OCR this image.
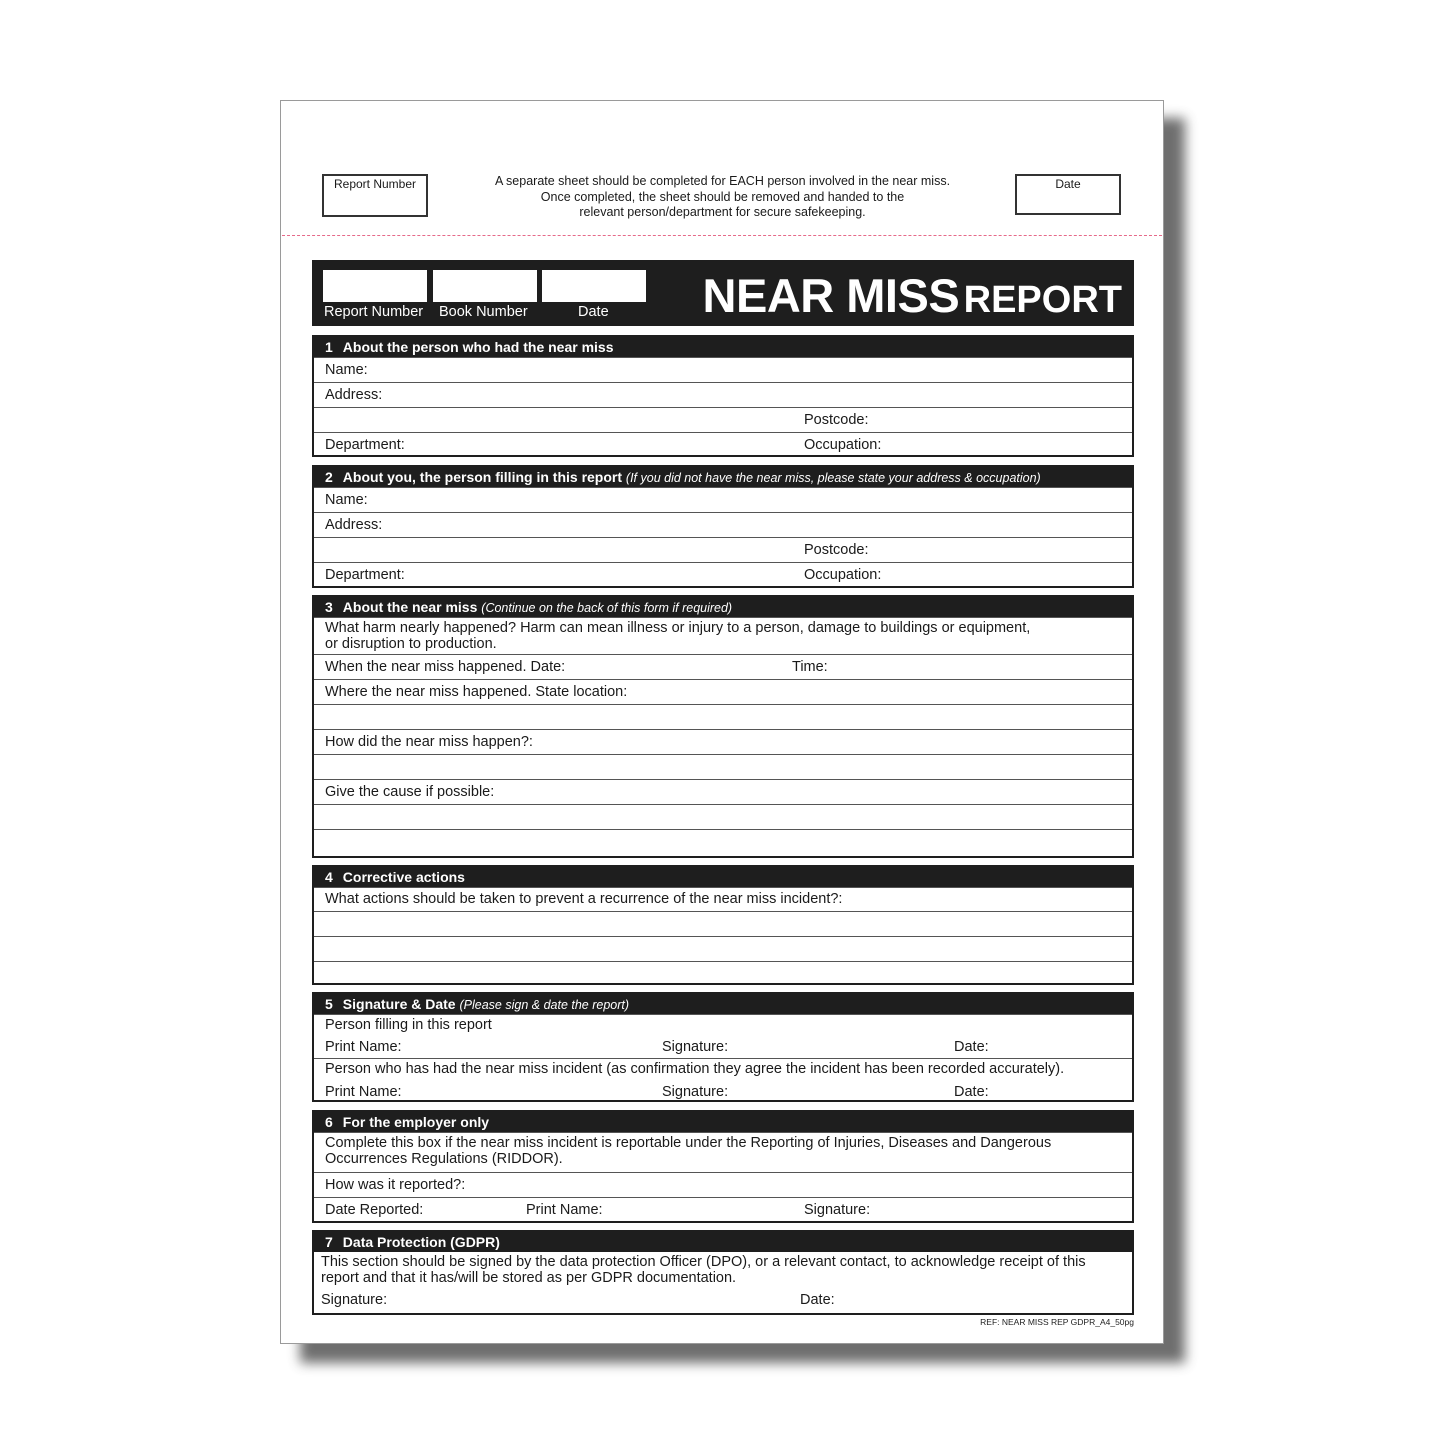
Report Number	A separate sheet should be completed for EACH person involved in the near miss.
Once completed, the sheet should be removed and handed to the
relevant person/department for secure safekeeping.
Date
Report Number Book Number	Date NEAR MISS REPORT
1 About the person who had the near miss
Name:
Address:
Postcode:
Department:	Occupation:
2 About you, the person filling in this report (If you did not have the near miss, please state your address & occupation)
Name:
Address:
Postcode:
Department:	Occupation:
3 About the near miss (Continue on the back of this form if required)
What harm nearly happened? Harm can mean illness or injury to a person, damage to buildings or equipment,
or disruption to production.
When the near miss happened. Date:	Time:
Where the near miss happened. State location:
How did the near miss happen?:
Give the cause if possible:
4 Corrective actions
What actions should be taken to prevent a recurrence of the near miss incident?:
5 Signature & Date (Please sign & date the report)
Person filling in this report
Print Name:	Signature:	Date:
Person who has had the near miss incident (as confirmation they agree the incident has been recorded accurately).
Print Name:	Signature:	Date:
6 For the employer only
Complete this box if the near miss incident is reportable under the Reporting of Injuries, Diseases and Dangerous
Occurrences Regulations (RIDDOR).
How was it reported?:
Date Reported:	Print Name:	Signature:
7 Data Protection (GDPR)
This section should be signed by the data protection Officer (DPO), or a relevant contact, to acknowledge receipt of this
report and that it has/will be stored as per GDPR documentation.
Signature:	Date:
REF: NEAR MISS REP GDPR_A4_50pg
